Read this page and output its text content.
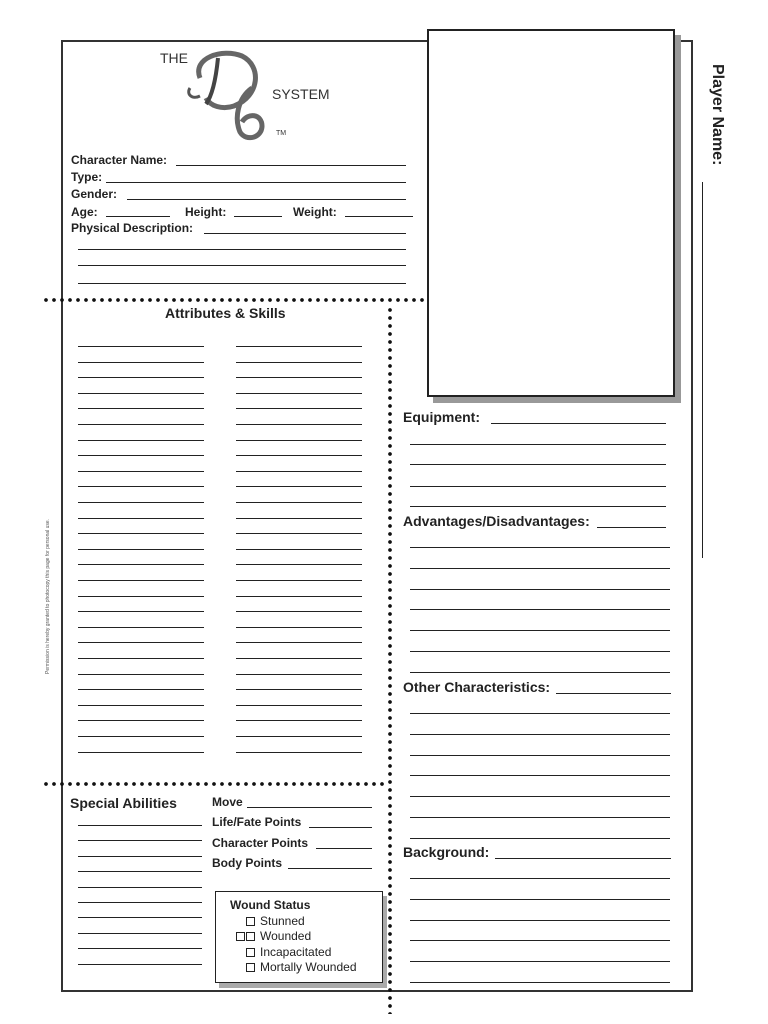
THE
SYSTEM
TM
Character Name:
Type:
Gender:
Age:	Height:	Weight:
Physical Description:
Player Name:
Permission is hereby granted to photocopy this page for personal use.
Attributes & Skills
Equipment:
Advantages/Disadvantages:
Other Characteristics:
Background:
Special Abilities	Move
Life/Fate Points
Character Points
Body Points
Wound Status
Stunned
Wounded
Incapacitated
Mortally Wounded
